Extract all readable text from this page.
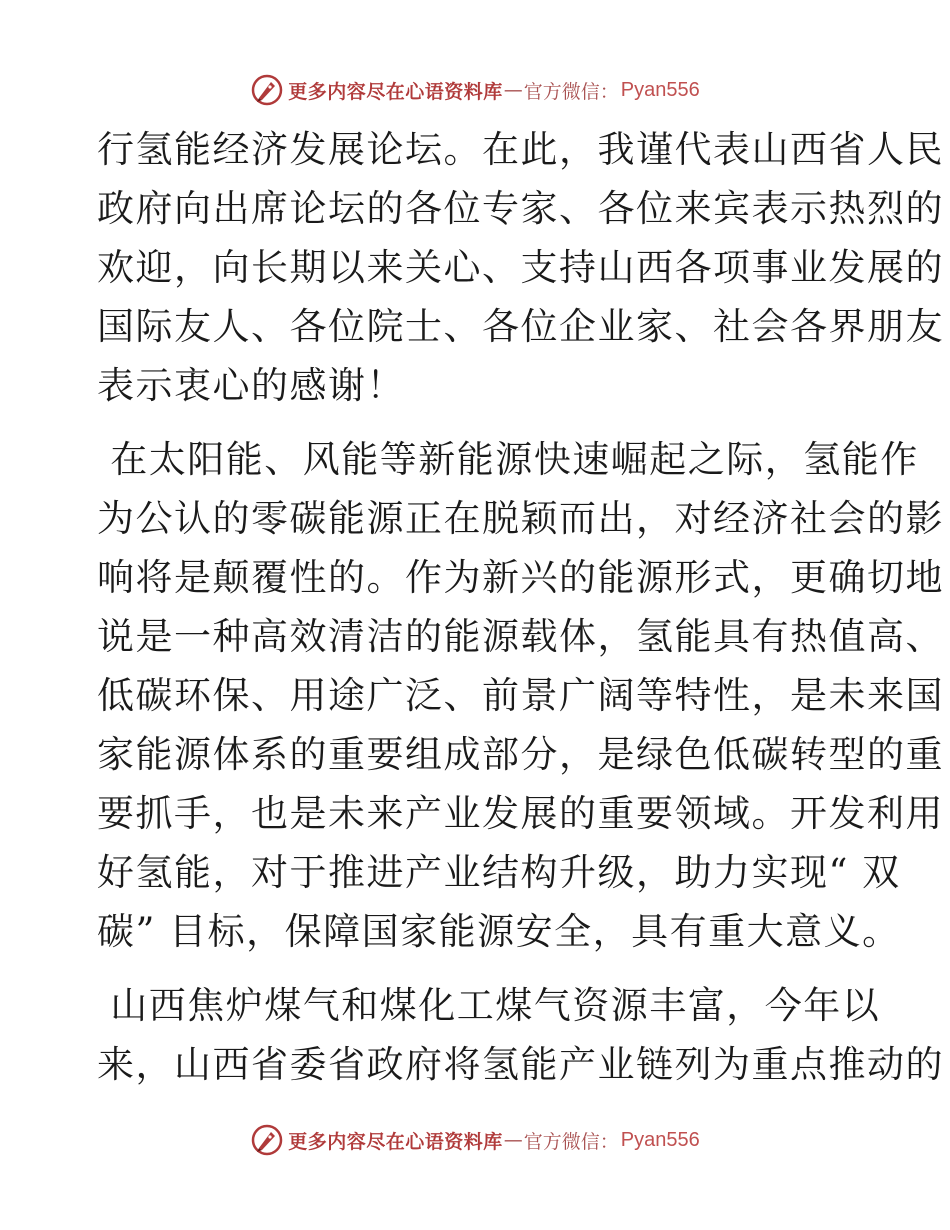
更多内容尽在心语资料库 — 官方微信： Pyan556
行氢能经济发展论坛。在此，我谨代表山西省人民
政府向出席论坛的各位专家、各位来宾表示热烈的
欢迎，向长期以来关心、支持山西各项事业发展的
国际友人、各位院士、各位企业家、社会各界朋友
表示衷心的感谢！
在太阳能、风能等新能源快速崛起之际，氢能作
为公认的零碳能源正在脱颖而出，对经济社会的影
响将是颠覆性的。作为新兴的能源形式，更确切地
说是一种高效清洁的能源载体，氢能具有热值高、
低碳环保、用途广泛、前景广阔等特性，是未来国
家能源体系的重要组成部分，是绿色低碳转型的重
要抓手，也是未来产业发展的重要领域。开发利用
好氢能，对于推进产业结构升级，助力实现“ 双
碳” 目标，保障国家能源安全，具有重大意义。
山西焦炉煤气和煤化工煤气资源丰富，今年以
来，山西省委省政府将氢能产业链列为重点推动的
更多内容尽在心语资料库 — 官方微信： Pyan556
